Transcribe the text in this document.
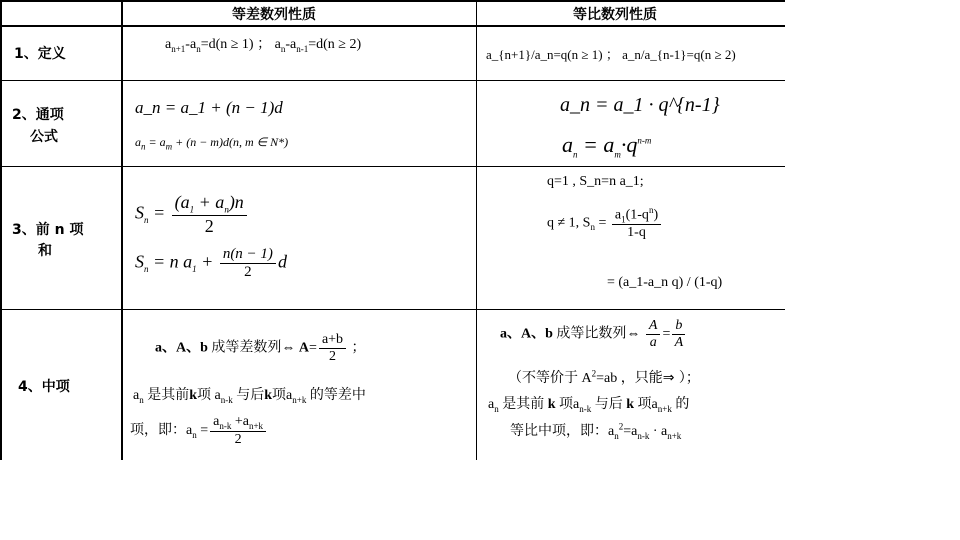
等差数列性质	等比数列性质
1、定义
$a_{n+1}-a_n=d(n \ge 1)$ ； $a_n-a_{n-1}=d(n \ge 2)$
a_{n+1}/a_n=q(n ≥ 1) ； a_n/a_{n-1}=q(n ≥ 2)
2、通项
公式
a_n = a_1 + (n − 1)d
$a_n = a_m + (n - m)d(n$, m ∈ N*)
a_n = a_1 · q^{n-1}
$a_n = a_m\cdot q^{n-m}$
3、前 n 项
和
$S_n = \frac{(a_1 + a_n)n}{2}$
$S_n = n$ $a_1 + \frac{n(n - 1)}{2}$ d
q=1 , S_n=n a_1;
q ≠ 1, $S_n = \frac{a_1(1-q^n)}{1-q}$
= (a_1-a_n q) / (1-q)
4、中项
a、A、b 成等差数列⇔ $A= \frac{a+b}{2}$ ；
$a_n$ 是其前k项 $a_{n-k}$ 与后k项$a_{n+k}$ 的等差中
项，即：$a_n = \frac{a_{n-k} +a_{n+k}}{2}$
a、A、b 成等比数列⇔ $\frac{A}{a} = \frac{b}{A}$
（不等价于 $A^2=ab$ ，只能⇒ ）；
$a_n$ 是其前 k 项$a_{n-k}$ 与后 k 项$a_{n+k}$ 的
等比中项，即：$a_n^2=a_{n-k} \cdot a_{n+k}$
